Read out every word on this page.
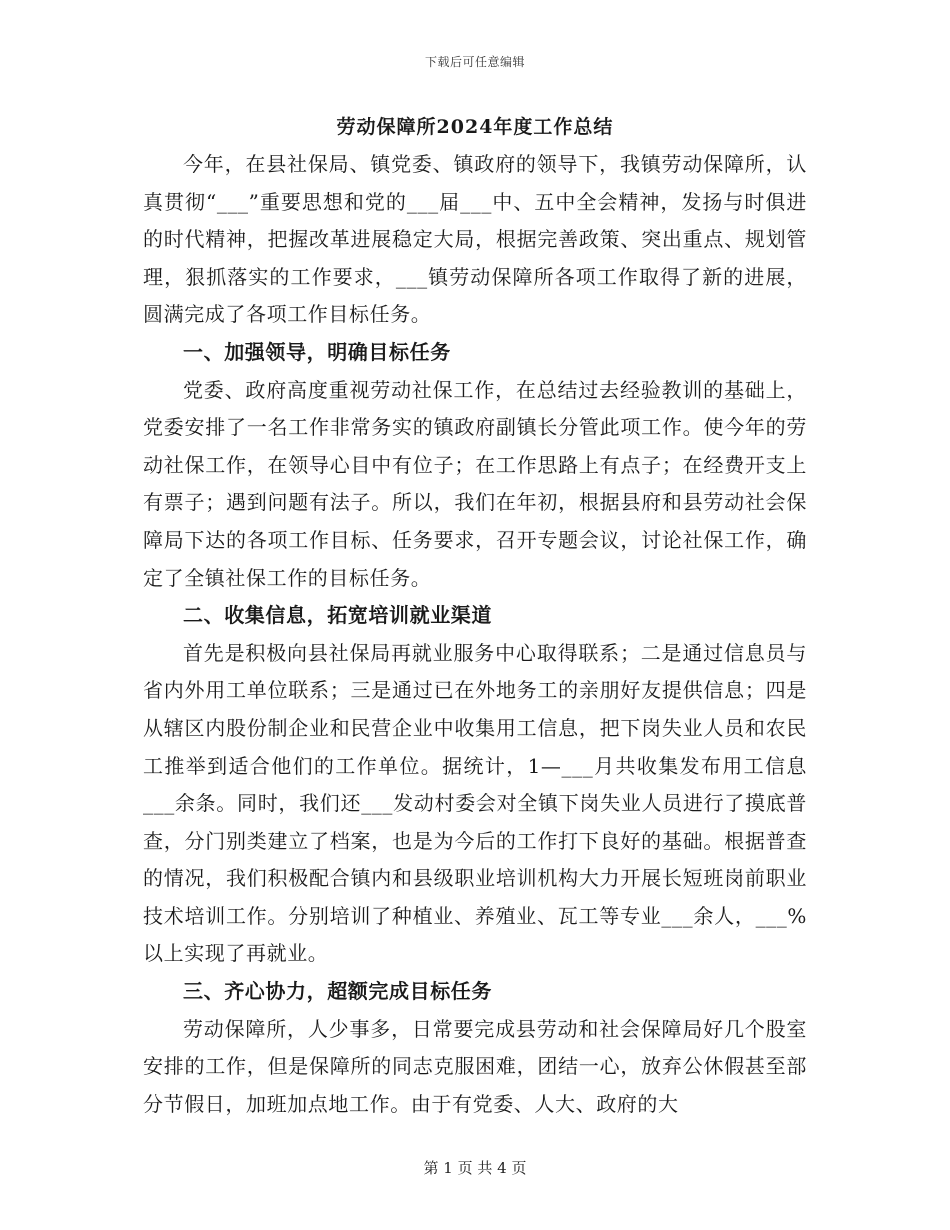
下载后可任意编辑
劳动保障所2024年度工作总结

今年，在县社保局、镇党委、镇政府的领导下，我镇劳动保障所，认真贯彻“___”重要思想和党的___届___中、五中全会精神，发扬与时俱进的时代精神，把握改革进展稳定大局，根据完善政策、突出重点、规划管理，狠抓落实的工作要求，___镇劳动保障所各项工作取得了新的进展，圆满完成了各项工作目标任务。

一、加强领导，明确目标任务

党委、政府高度重视劳动社保工作，在总结过去经验教训的基础上，党委安排了一名工作非常务实的镇政府副镇长分管此项工作。使今年的劳动社保工作，在领导心目中有位子；在工作思路上有点子；在经费开支上有票子；遇到问题有法子。所以，我们在年初，根据县府和县劳动社会保障局下达的各项工作目标、任务要求，召开专题会议，讨论社保工作，确定了全镇社保工作的目标任务。

二、收集信息，拓宽培训就业渠道

首先是积极向县社保局再就业服务中心取得联系；二是通过信息员与省内外用工单位联系；三是通过已在外地务工的亲朋好友提供信息；四是从辖区内股份制企业和民营企业中收集用工信息，把下岗失业人员和农民工推举到适合他们的工作单位。据统计，1—___月共收集发布用工信息___余条。同时，我们还___发动村委会对全镇下岗失业人员进行了摸底普查，分门别类建立了档案，也是为今后的工作打下良好的基础。根据普查的情况，我们积极配合镇内和县级职业培训机构大力开展长短班岗前职业技术培训工作。分别培训了种植业、养殖业、瓦工等专业___余人，___%以上实现了再就业。

三、齐心协力，超额完成目标任务

劳动保障所，人少事多，日常要完成县劳动和社会保障局好几个股室安排的工作，但是保障所的同志克服困难，团结一心，放弃公休假甚至部分节假日，加班加点地工作。由于有党委、人大、政府的大

第 1 页 共 4 页
